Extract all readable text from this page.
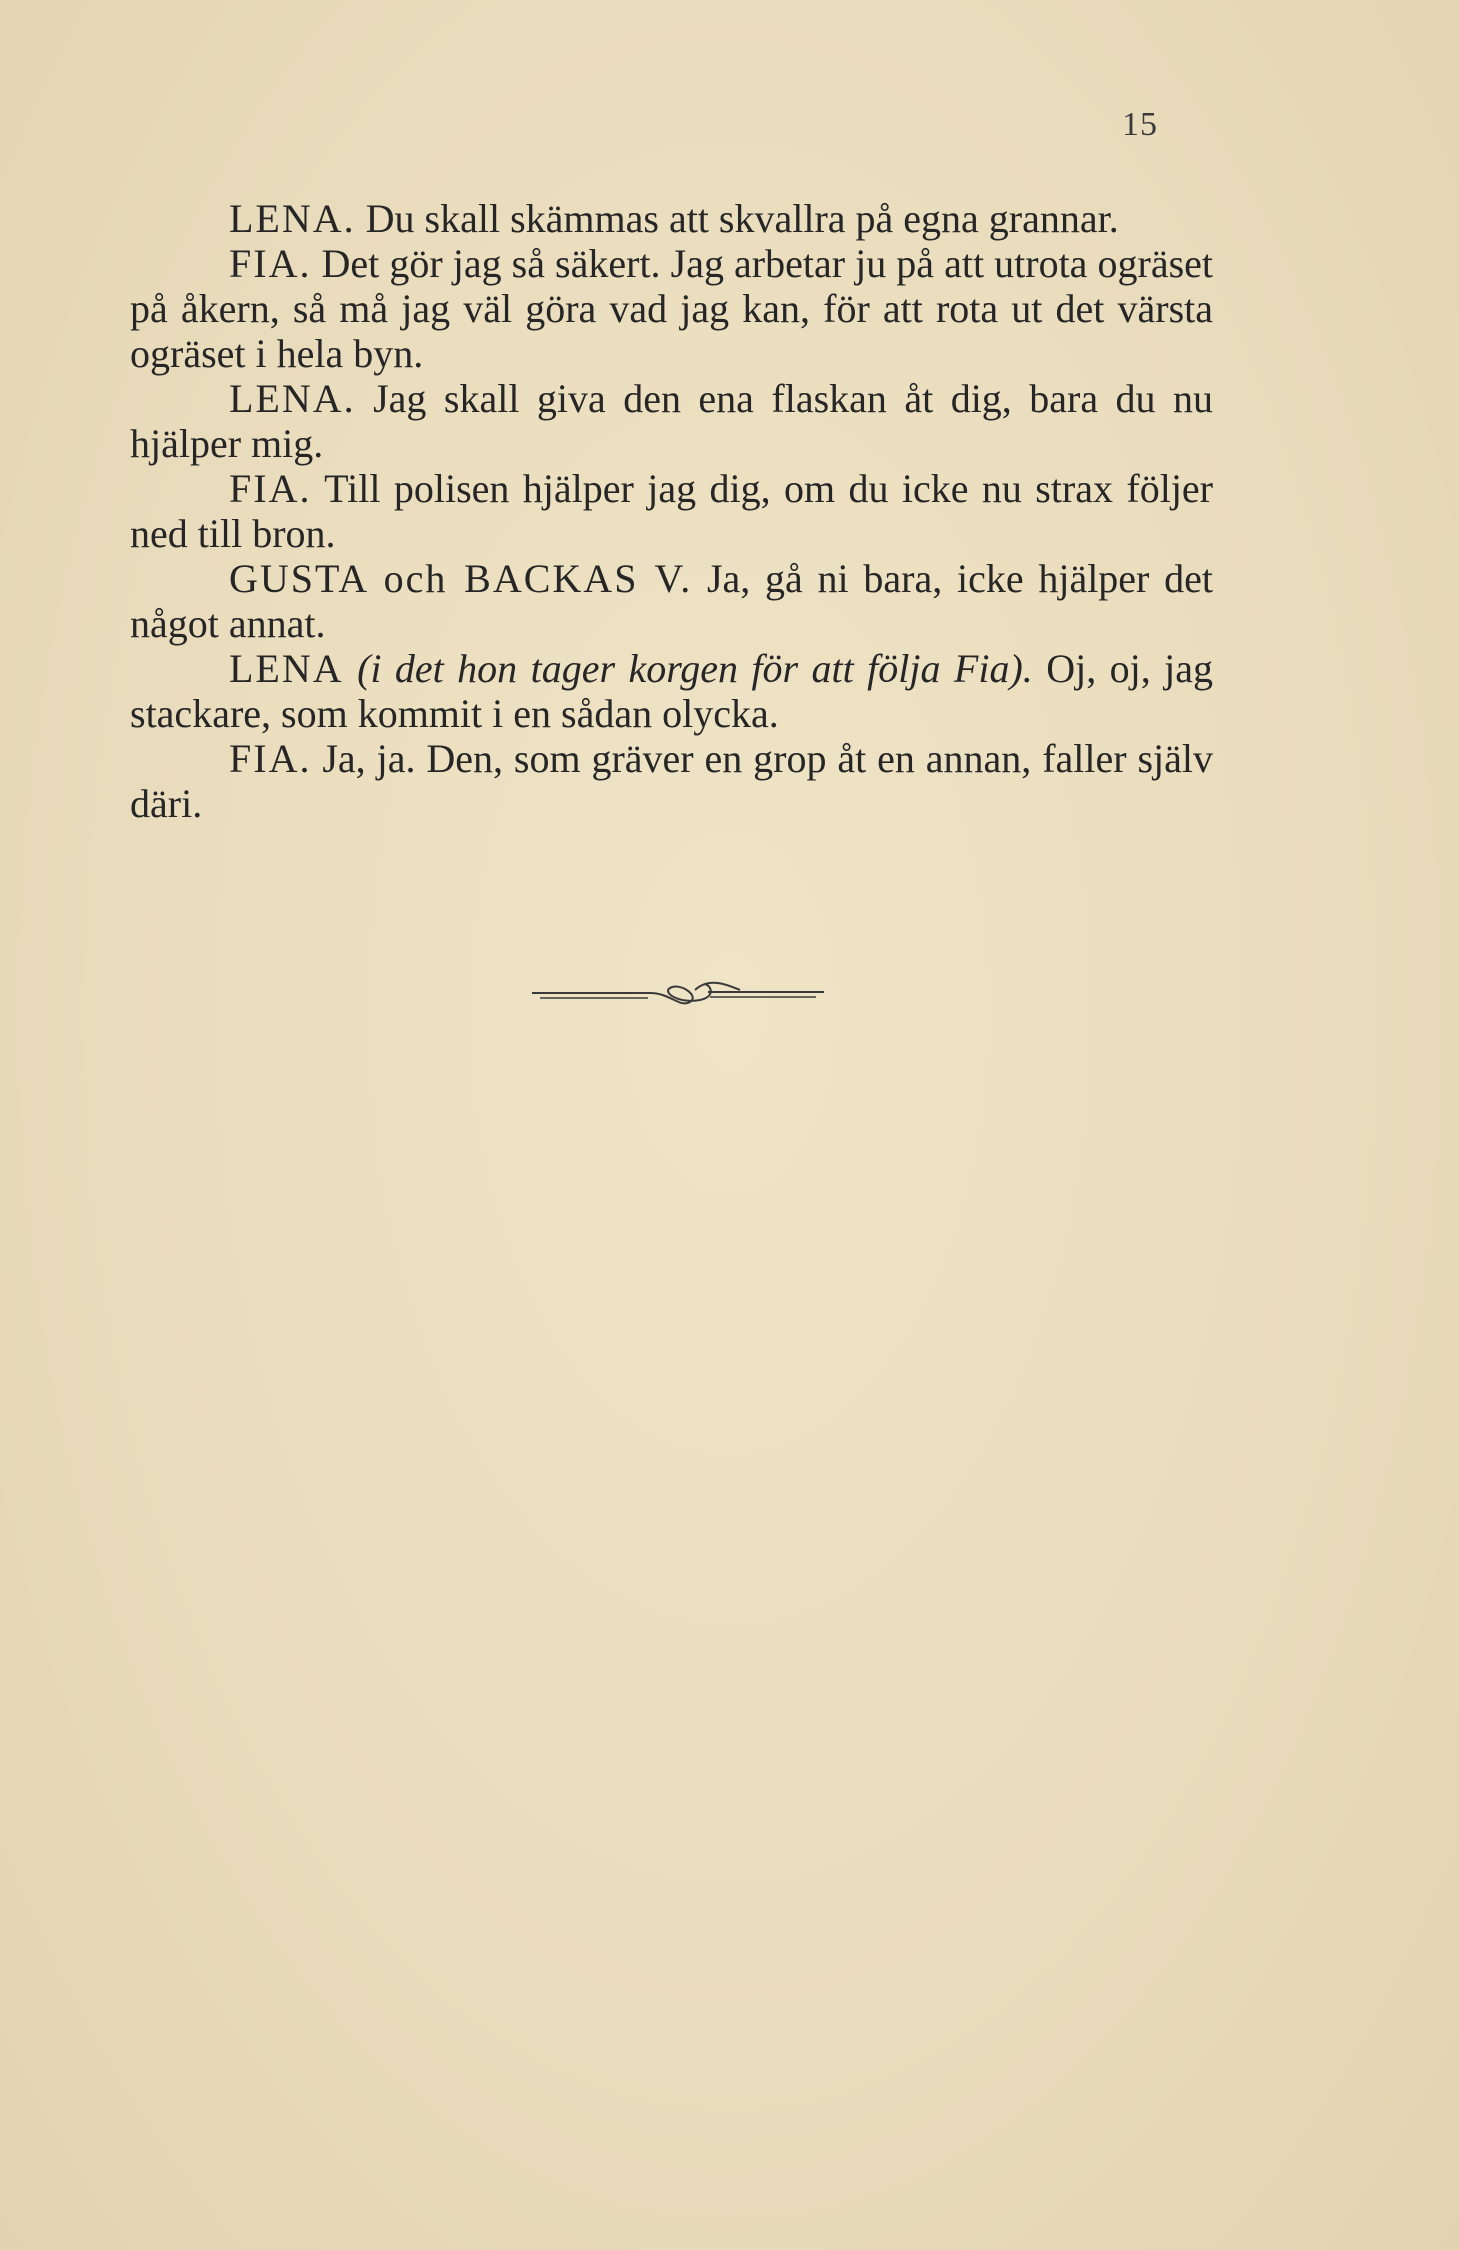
15

LENA. Du skall skämmas att skvallra på egna grannar.

FIA. Det gör jag så säkert. Jag arbetar ju på att utrota ogräset på åkern, så må jag väl göra vad jag kan, för att rota ut det värsta ogräset i hela byn.

LENA. Jag skall giva den ena flaskan åt dig, bara du nu hjälper mig.

FIA. Till polisen hjälper jag dig, om du icke nu strax följer ned till bron.

GUSTA och BACKAS V. Ja, gå ni bara, icke hjälper det något annat.

LENA (i det hon tager korgen för att följa Fia). Oj, oj, jag stackare, som kommit i en sådan olycka.

FIA. Ja, ja. Den, som gräver en grop åt en annan, faller själv däri.
